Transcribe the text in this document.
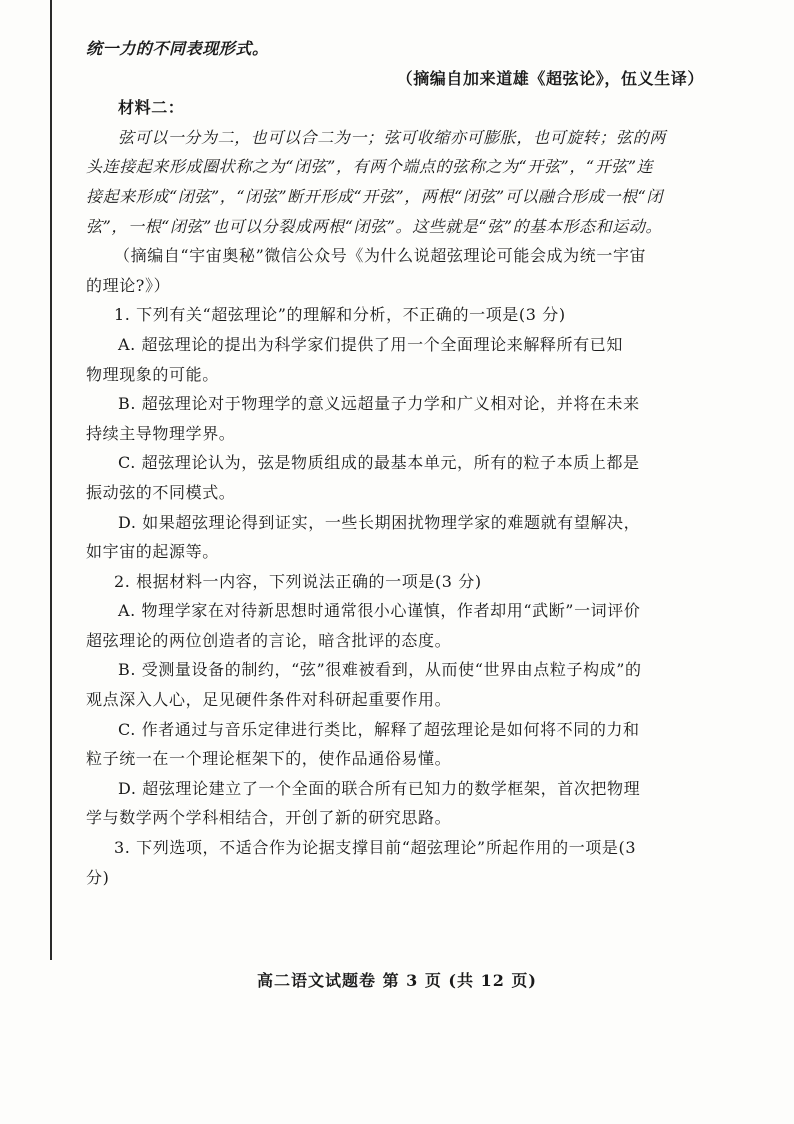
统一力的不同表现形式。
（摘编自加来道雄《超弦论》，伍义生译）
材料二：
弦可以一分为二，也可以合二为一；弦可收缩亦可膨胀，也可旋转；弦的两
头连接起来形成圈状称之为“闭弦”，有两个端点的弦称之为“开弦”，“开弦”连
接起来形成“闭弦”，“闭弦”断开形成“开弦”，两根“闭弦”可以融合形成一根“闭
弦”，一根“闭弦”也可以分裂成两根“闭弦”。这些就是“弦”的基本形态和运动。
（摘编自“宇宙奥秘”微信公众号《为什么说超弦理论可能会成为统一宇宙
的理论?》）
1. 下列有关“超弦理论”的理解和分析，不正确的一项是(3 分)
A. 超弦理论的提出为科学家们提供了用一个全面理论来解释所有已知
物理现象的可能。
B. 超弦理论对于物理学的意义远超量子力学和广义相对论，并将在未来
持续主导物理学界。
C. 超弦理论认为，弦是物质组成的最基本单元，所有的粒子本质上都是
振动弦的不同模式。
D. 如果超弦理论得到证实，一些长期困扰物理学家的难题就有望解决，
如宇宙的起源等。
2. 根据材料一内容，下列说法正确的一项是(3 分)
A. 物理学家在对待新思想时通常很小心谨慎，作者却用“武断”一词评价
超弦理论的两位创造者的言论，暗含批评的态度。
B. 受测量设备的制约，“弦”很难被看到，从而使“世界由点粒子构成”的
观点深入人心，足见硬件条件对科研起重要作用。
C. 作者通过与音乐定律进行类比，解释了超弦理论是如何将不同的力和
粒子统一在一个理论框架下的，使作品通俗易懂。
D. 超弦理论建立了一个全面的联合所有已知力的数学框架，首次把物理
学与数学两个学科相结合，开创了新的研究思路。
3. 下列选项，不适合作为论据支撑目前“超弦理论”所起作用的一项是(3
分)
高二语文试题卷 第 3 页 (共 12 页)
